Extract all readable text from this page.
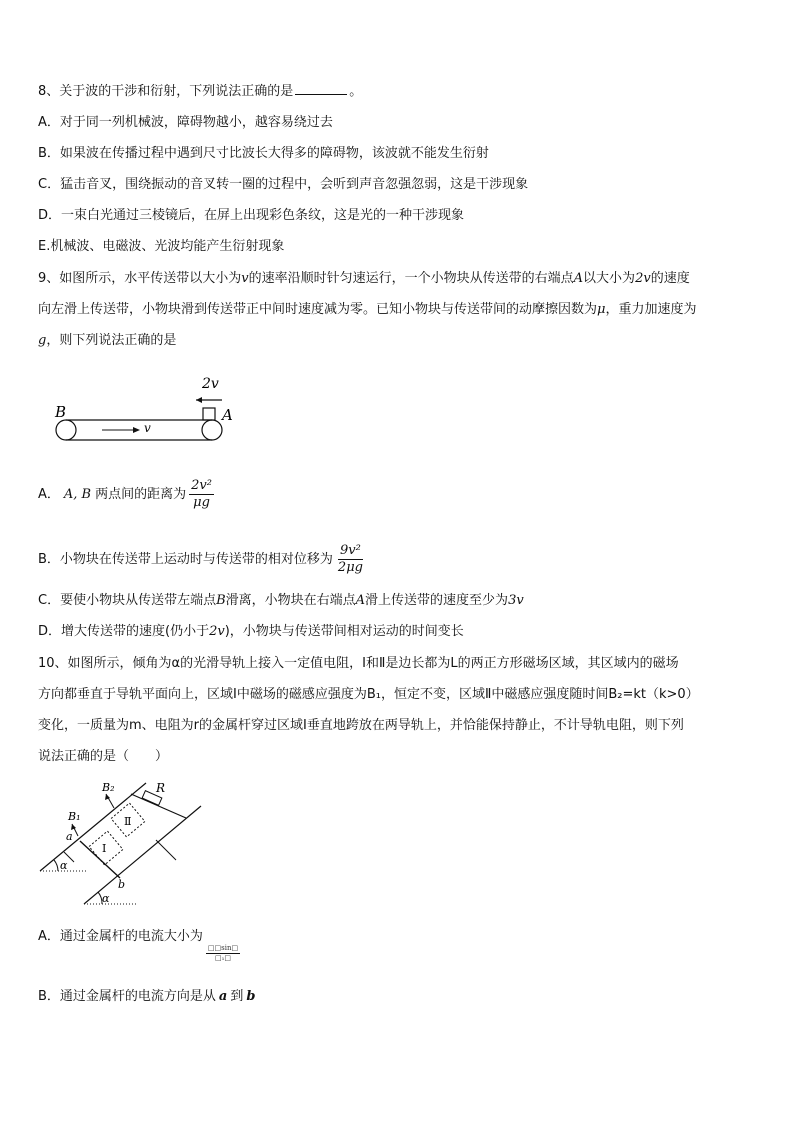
8、关于波的干涉和衍射，下列说法正确的是	。
A．对于同一列机械波，障碍物越小，越容易绕过去
B．如果波在传播过程中遇到尺寸比波长大得多的障碍物，该波就不能发生衍射
C．猛击音叉，围绕振动的音叉转一圈的过程中，会听到声音忽强忽弱，这是干涉现象
D．一束白光通过三棱镜后，在屏上出现彩色条纹，这是光的一种干涉现象
E.机械波、电磁波、光波均能产生衍射现象
9、如图所示，水平传送带以大小为v的速率沿顺时针匀速运行，一个小物块从传送带的右端点A以大小为2v的速度
向左滑上传送带，小物块滑到传送带正中间时速度减为零。已知小物块与传送带间的动摩擦因数为μ，重力加速度为
g，则下列说法正确的是
2v
B	A
v
A． A, B 两点间的距离为 $\frac{\text{2v²}}{\mu g}$
B．小物块在传送带上运动时与传送带的相对位移为 $\frac{\text{9v²}}{2\mu g}$
C．要使小物块从传送带左端点B滑离，小物块在右端点A滑上传送带的速度至少为3v
D．增大传送带的速度(仍小于2v)，小物块与传送带间相对运动的时间变长
10、如图所示，倾角为α的光滑导轨上接入一定值电阻，Ⅰ和Ⅱ是边长都为L的两正方形磁场区域，其区域内的磁场
方向都垂直于导轨平面向上，区域Ⅰ中磁场的磁感应强度为B₁，恒定不变，区域Ⅱ中磁感应强度随时间B₂=kt（k>0）
变化，一质量为m、电阻为r的金属杆穿过区域Ⅰ垂直地跨放在两导轨上，并恰能保持静止，不计导轨电阻，则下列
说法正确的是（　　）
R
Ⅱ
Ⅰ
a
b
B₂
B₁
α
α
A．通过金属杆的电流大小为
$\frac{□□\sin□}{\text{□₁□}}$
B．通过金属杆的电流方向是从 a 到 b
